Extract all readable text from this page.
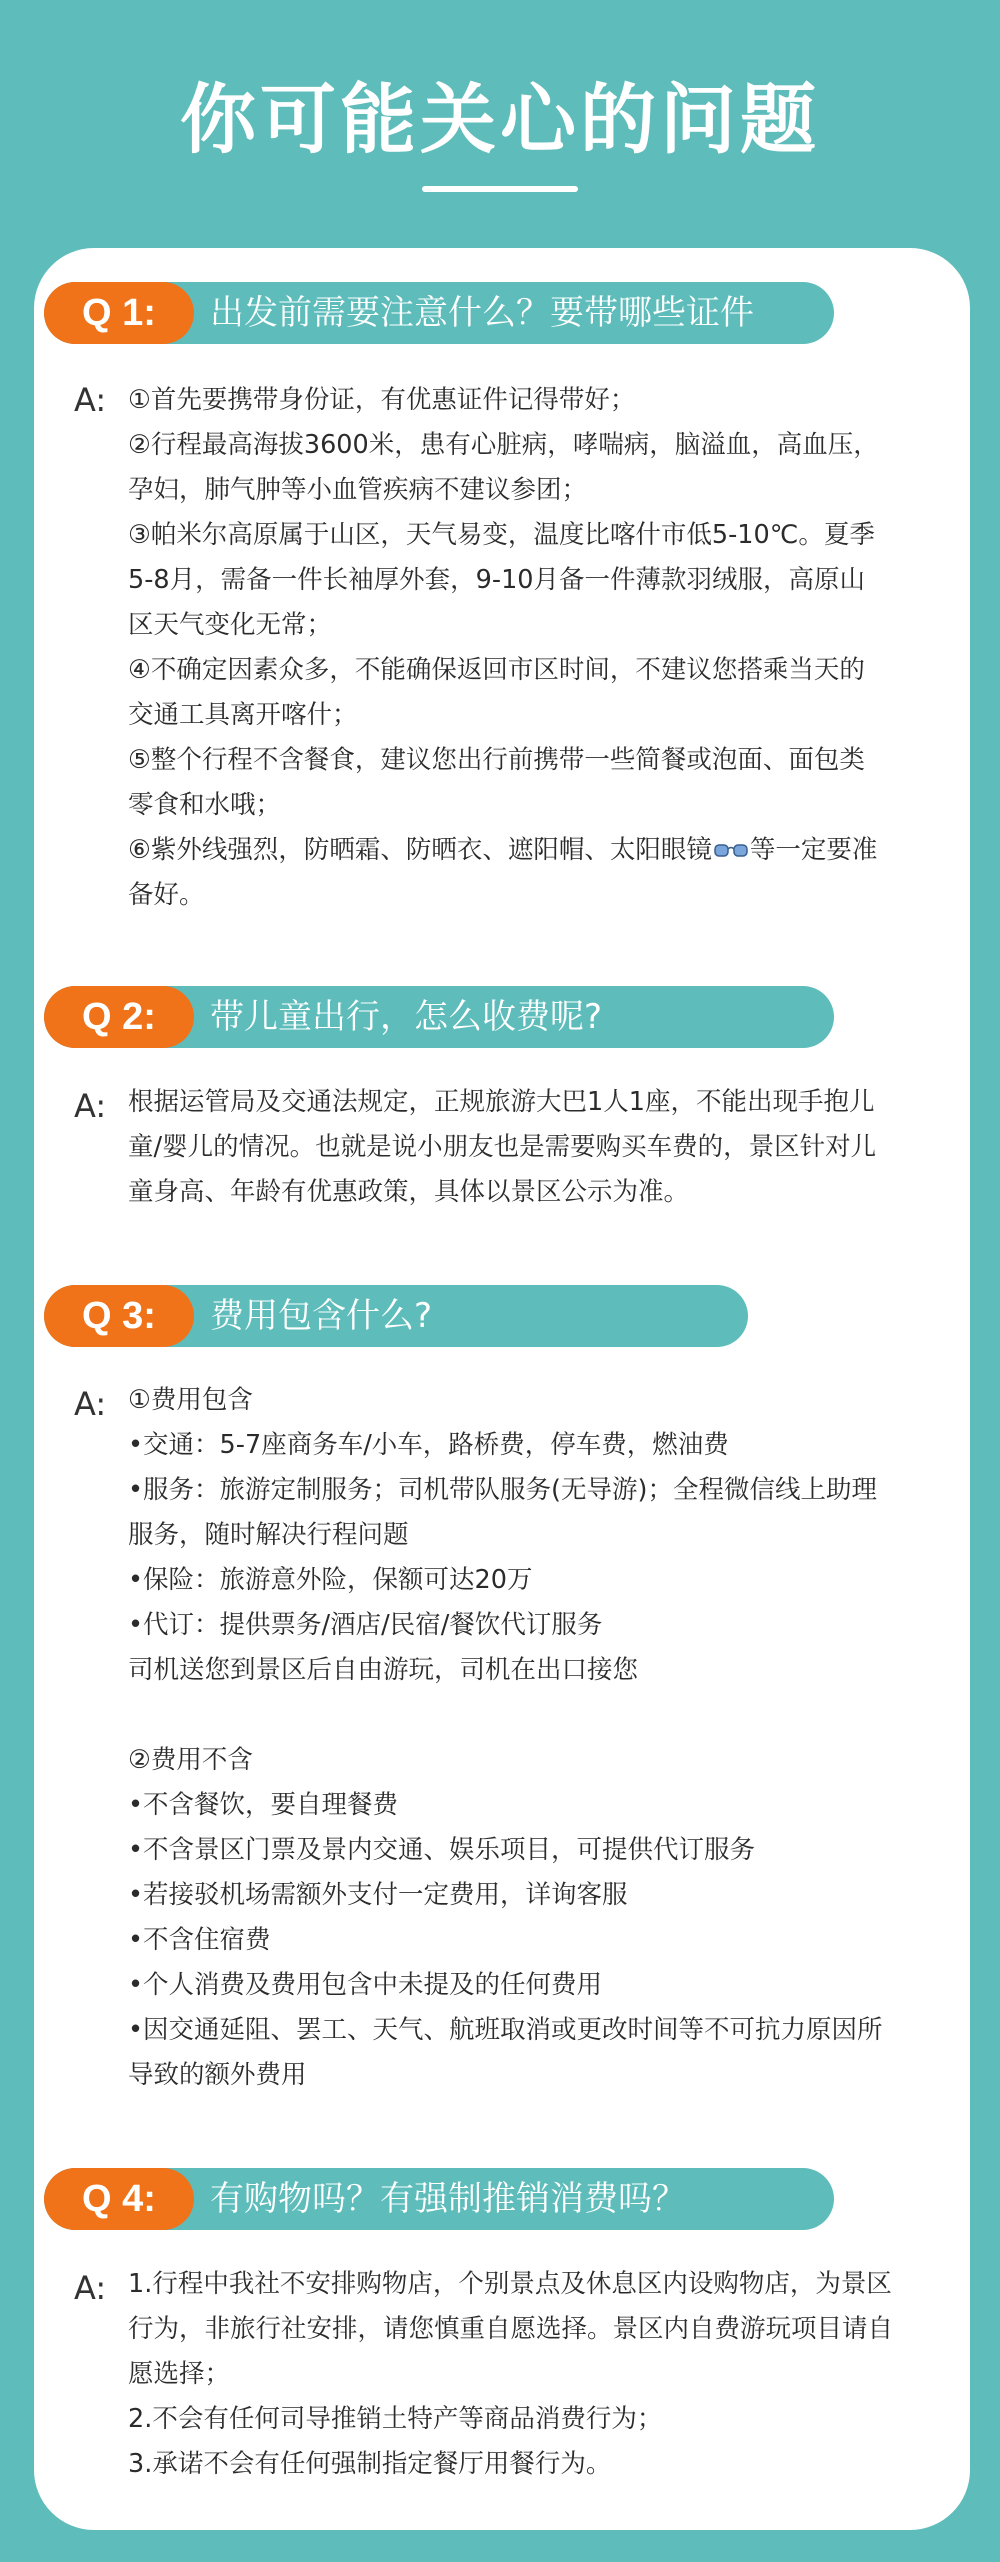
你可能关心的问题
Q 1:	出发前需要注意什么？要带哪些证件
A: ①首先要携带身份证，有优惠证件记得带好；
②行程最高海拔3600米，患有心脏病，哮喘病，脑溢血，高血压，
孕妇，肺气肿等小血管疾病不建议参团；
③帕米尔高原属于山区，天气易变，温度比喀什市低5-10℃。夏季
5-8月，需备一件长袖厚外套，9-10月备一件薄款羽绒服，高原山
区天气变化无常；
④不确定因素众多，不能确保返回市区时间，不建议您搭乘当天的
交通工具离开喀什；
⑤整个行程不含餐食，建议您出行前携带一些简餐或泡面、面包类
零食和水哦；
⑥紫外线强烈，防晒霜、防晒衣、遮阳帽、太阳眼镜 等一定要准
备好。
Q 2:	带儿童出行，怎么收费呢?
A: 根据运管局及交通法规定，正规旅游大巴1人1座，不能出现手抱儿
童/婴儿的情况。也就是说小朋友也是需要购买车费的，景区针对儿
童身高、年龄有优惠政策，具体以景区公示为准。
Q 3:	费用包含什么?
A: ①费用包含
•交通：5-7座商务车/小车，路桥费，停车费，燃油费
•服务：旅游定制服务；司机带队服务(无导游)；全程微信线上助理
服务，随时解决行程问题
•保险：旅游意外险，保额可达20万
•代订：提供票务/酒店/民宿/餐饮代订服务
司机送您到景区后自由游玩，司机在出口接您
②费用不含
•不含餐饮，要自理餐费
•不含景区门票及景内交通、娱乐项目，可提供代订服务
•若接驳机场需额外支付一定费用，详询客服
•不含住宿费
•个人消费及费用包含中未提及的任何费用
•因交通延阻、罢工、天气、航班取消或更改时间等不可抗力原因所
导致的额外费用
Q 4:	有购物吗？有强制推销消费吗？
A: 1.行程中我社不安排购物店，个别景点及休息区内设购物店，为景区
行为，非旅行社安排，请您慎重自愿选择。景区内自费游玩项目请自
愿选择；
2.不会有任何司导推销土特产等商品消费行为；
3.承诺不会有任何强制指定餐厅用餐行为。
